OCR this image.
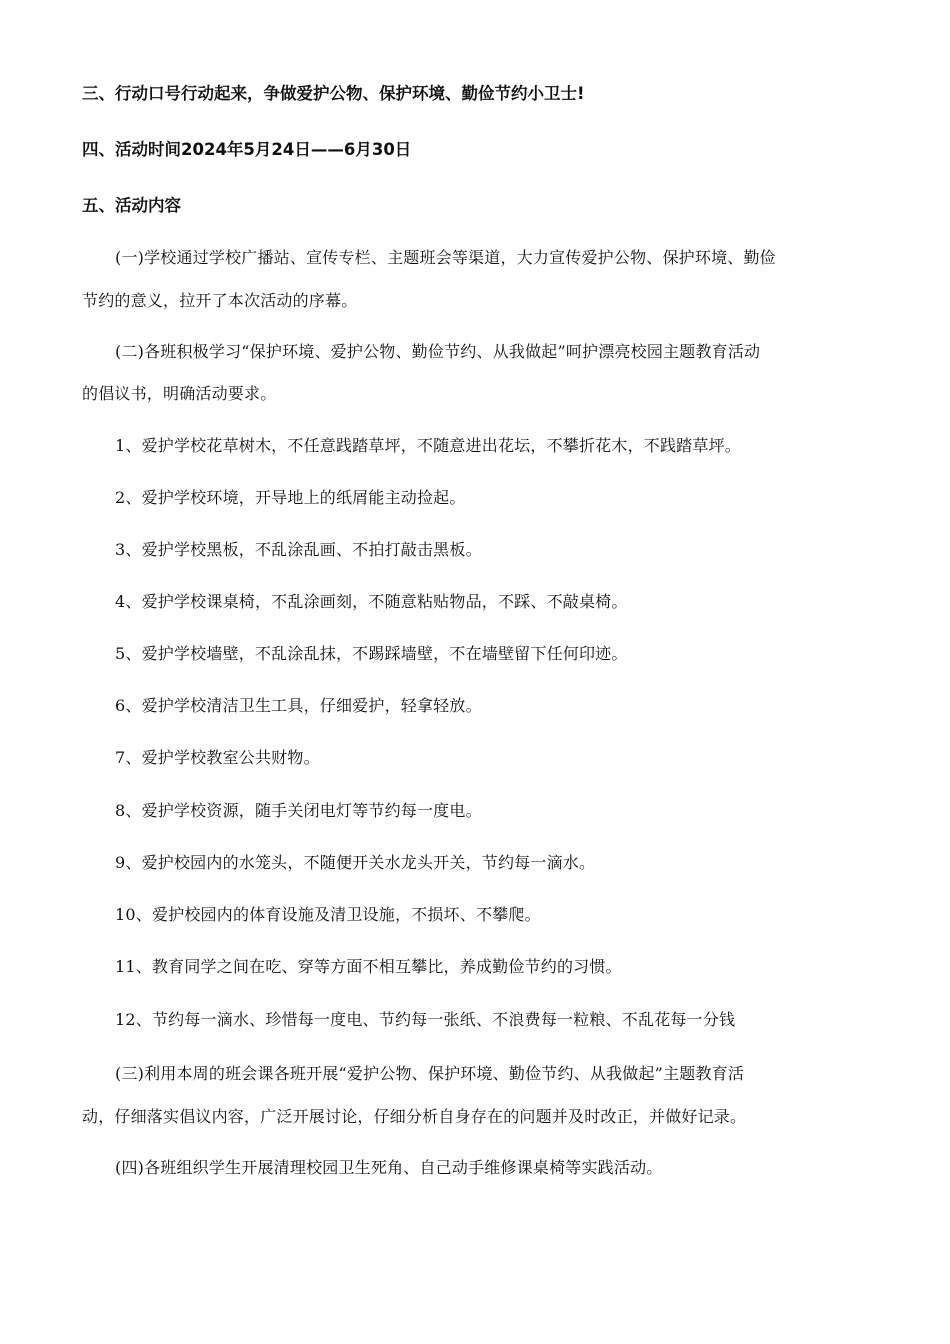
三、行动口号行动起来，争做爱护公物、保护环境、勤俭节约小卫士!
四、活动时间2024年5月24日——6月30日
五、活动内容
(一)学校通过学校广播站、宣传专栏、主题班会等渠道，大力宣传爱护公物、保护环境、勤俭
节约的意义，拉开了本次活动的序幕。
(二)各班积极学习“保护环境、爱护公物、勤俭节约、从我做起”呵护漂亮校园主题教育活动
的倡议书，明确活动要求。
1、爱护学校花草树木，不任意践踏草坪，不随意进出花坛，不攀折花木，不践踏草坪。
2、爱护学校环境，开导地上的纸屑能主动捡起。
3、爱护学校黑板，不乱涂乱画、不拍打敲击黑板。
4、爱护学校课桌椅，不乱涂画刻，不随意粘贴物品，不踩、不敲桌椅。
5、爱护学校墙壁，不乱涂乱抹，不踢踩墙壁，不在墙壁留下任何印迹。
6、爱护学校清洁卫生工具，仔细爱护，轻拿轻放。
7、爱护学校教室公共财物。
8、爱护学校资源，随手关闭电灯等节约每一度电。
9、爱护校园内的水笼头，不随便开关水龙头开关，节约每一滴水。
10、爱护校园内的体育设施及清卫设施，不损坏、不攀爬。
11、教育同学之间在吃、穿等方面不相互攀比，养成勤俭节约的习惯。
12、节约每一滴水、珍惜每一度电、节约每一张纸、不浪费每一粒粮、不乱花每一分钱
(三)利用本周的班会课各班开展“爱护公物、保护环境、勤俭节约、从我做起”主题教育活
动，仔细落实倡议内容，广泛开展讨论，仔细分析自身存在的问题并及时改正，并做好记录。
(四)各班组织学生开展清理校园卫生死角、自己动手维修课桌椅等实践活动。
